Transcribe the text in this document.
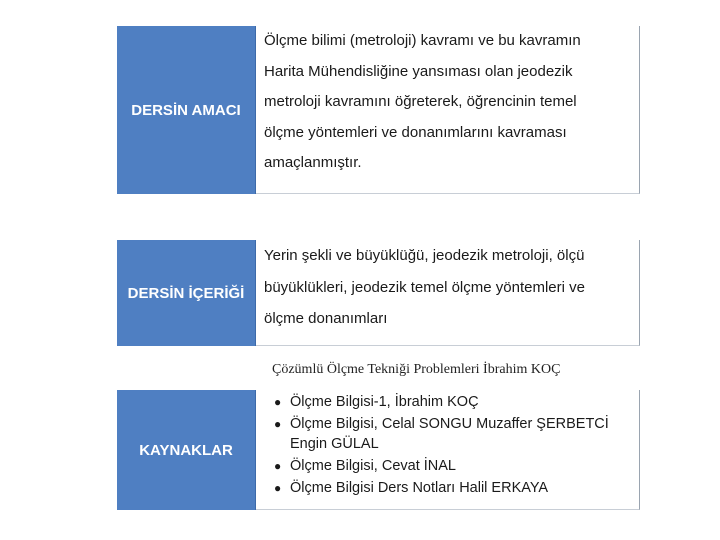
DERSİN AMACI

Ölçme bilimi (metroloji) kavramı ve bu kavramın

Harita Mühendisliğine yansıması olan jeodezik

metroloji kavramını öğreterek, öğrencinin temel

ölçme yöntemleri ve donanımlarını kavraması

amaçlanmıştır.

DERSİN İÇERİĞİ

Yerin şekli ve büyüklüğü, jeodezik metroloji, ölçü

büyüklükleri, jeodezik temel ölçme yöntemleri ve

ölçme donanımları

Çözümlü Ölçme Tekniği Problemleri İbrahim KOÇ
KAYNAKLAR
● Ölçme Bilgisi-1, İbrahim KOÇ
● Ölçme Bilgisi, Celal SONGU Muzaffer ŞERBETCİ Engin GÜLAL
● Ölçme Bilgisi, Cevat İNAL
● Ölçme Bilgisi Ders Notları Halil ERKAYA
